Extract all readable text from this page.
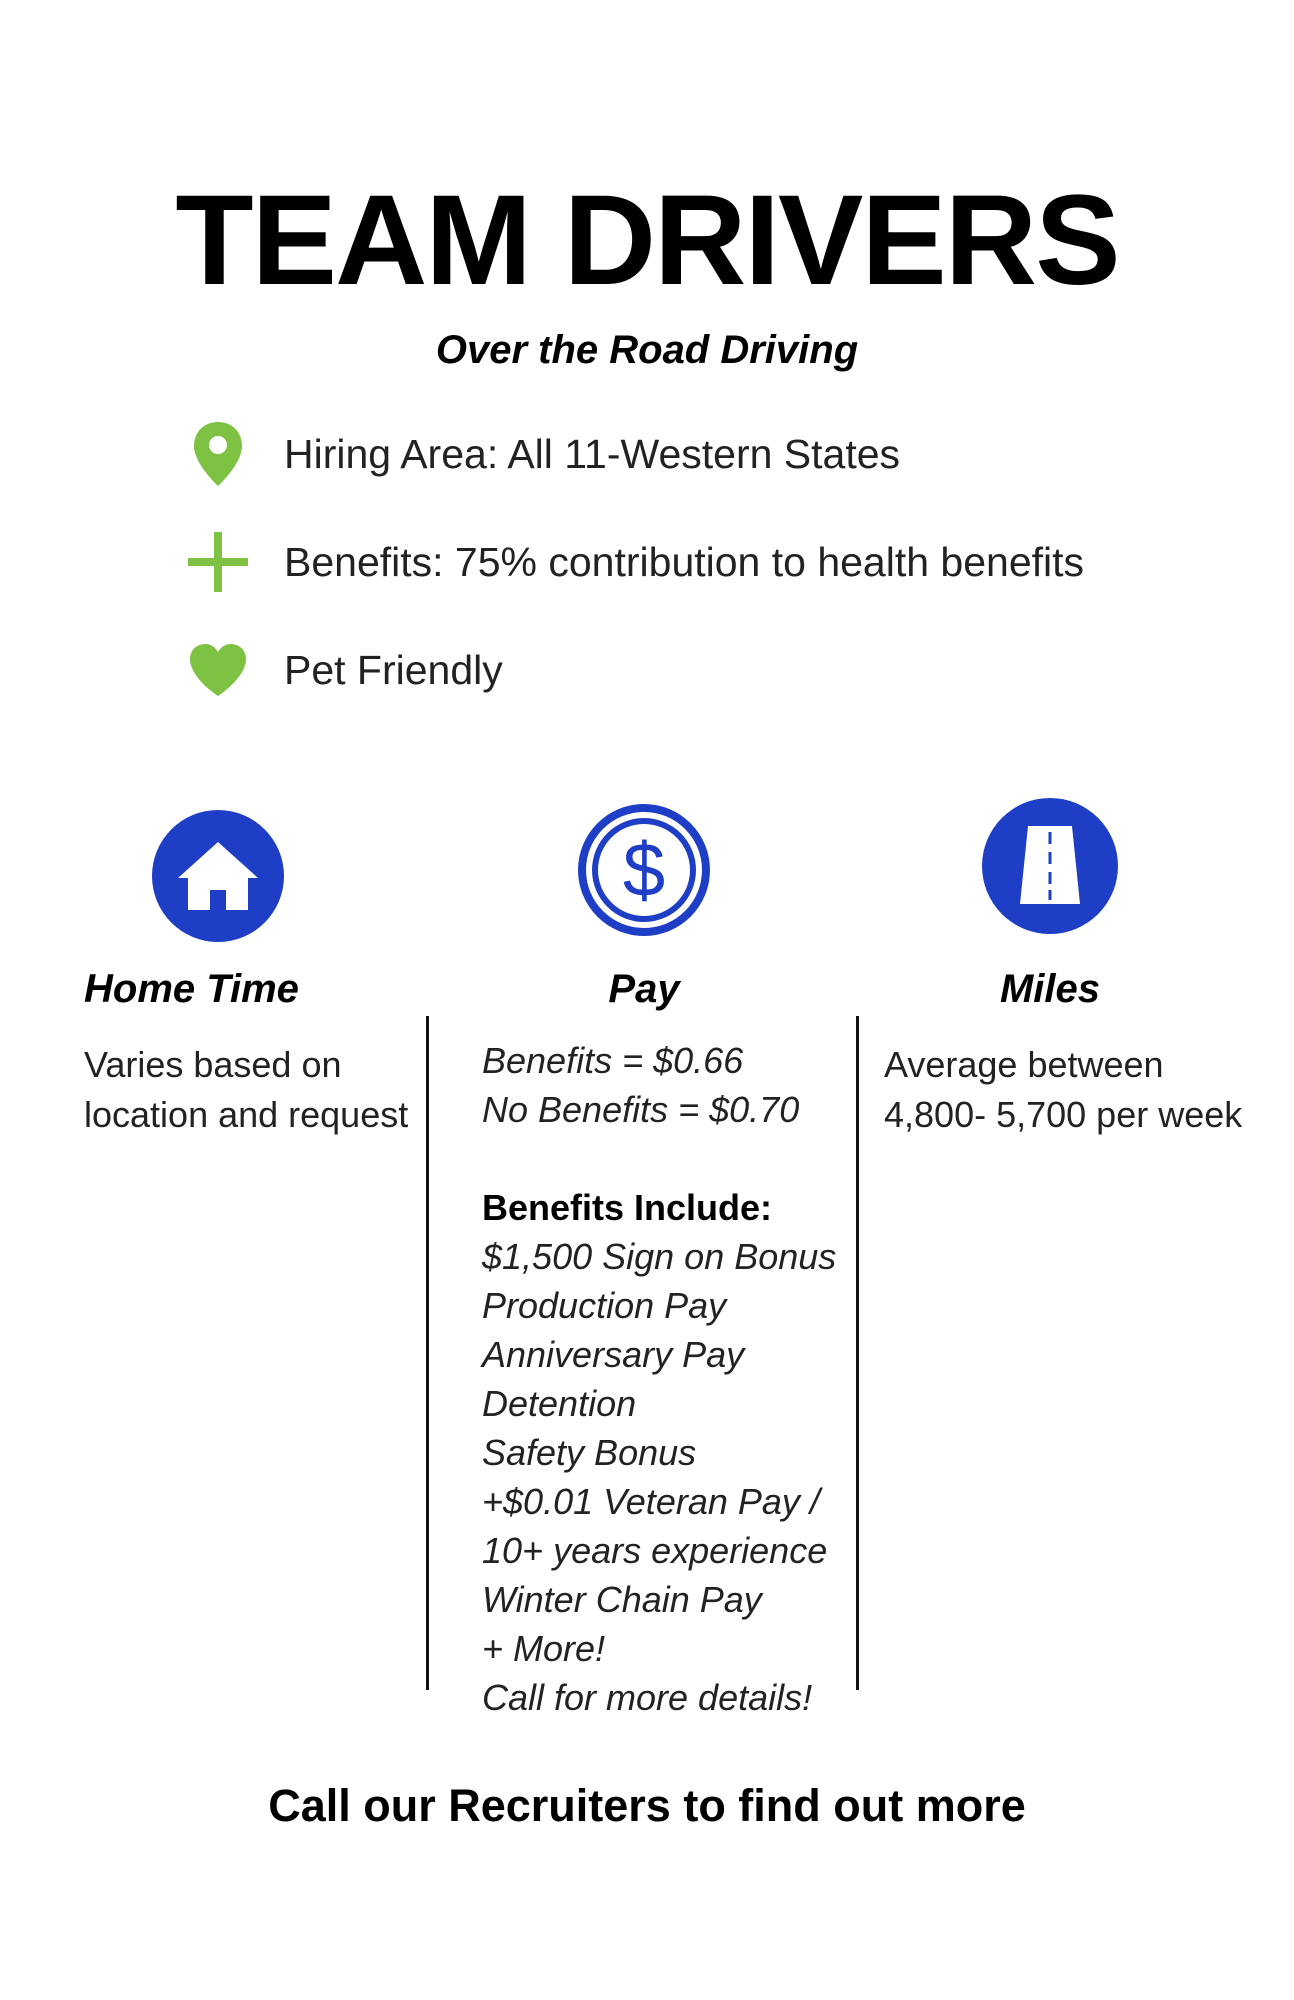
TEAM DRIVERS
Over the Road Driving
Hiring Area: All 11-Western States
Benefits: 75% contribution to health benefits
Pet Friendly
$
Home Time	Pay	Miles
Varies based on
location and request
Benefits = $0.66
No Benefits = $0.70
Benefits Include:
$1,500 Sign on Bonus
Production Pay
Anniversary Pay
Detention
Safety Bonus
+$0.01 Veteran Pay /
10+ years experience
Winter Chain Pay
+ More!
Call for more details!
Average between
4,800- 5,700 per week
Call our Recruiters to find out more
